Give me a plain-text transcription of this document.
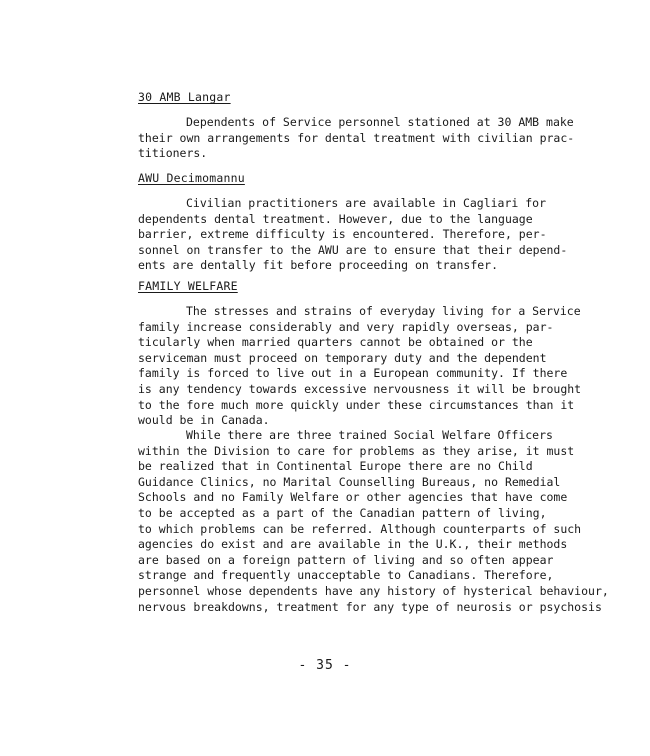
30 AMB Langar
Dependents of Service personnel stationed at 30 AMB make
their own arrangements for dental treatment with civilian prac-
titioners.
AWU Decimomannu
Civilian practitioners are available in Cagliari for
dependents dental treatment. However, due to the language
barrier, extreme difficulty is encountered. Therefore, per-
sonnel on transfer to the AWU are to ensure that their depend-
ents are dentally fit before proceeding on transfer.
FAMILY WELFARE
The stresses and strains of everyday living for a Service
family increase considerably and very rapidly overseas, par-
ticularly when married quarters cannot be obtained or the
serviceman must proceed on temporary duty and the dependent
family is forced to live out in a European community. If there
is any tendency towards excessive nervousness it will be brought
to the fore much more quickly under these circumstances than it
would be in Canada.
While there are three trained Social Welfare Officers
within the Division to care for problems as they arise, it must
be realized that in Continental Europe there are no Child
Guidance Clinics, no Marital Counselling Bureaus, no Remedial
Schools and no Family Welfare or other agencies that have come
to be accepted as a part of the Canadian pattern of living,
to which problems can be referred. Although counterparts of such
agencies do exist and are available in the U.K., their methods
are based on a foreign pattern of living and so often appear
strange and frequently unacceptable to Canadians. Therefore,
personnel whose dependents have any history of hysterical behaviour,
nervous breakdowns, treatment for any type of neurosis or psychosis
- 35 -
